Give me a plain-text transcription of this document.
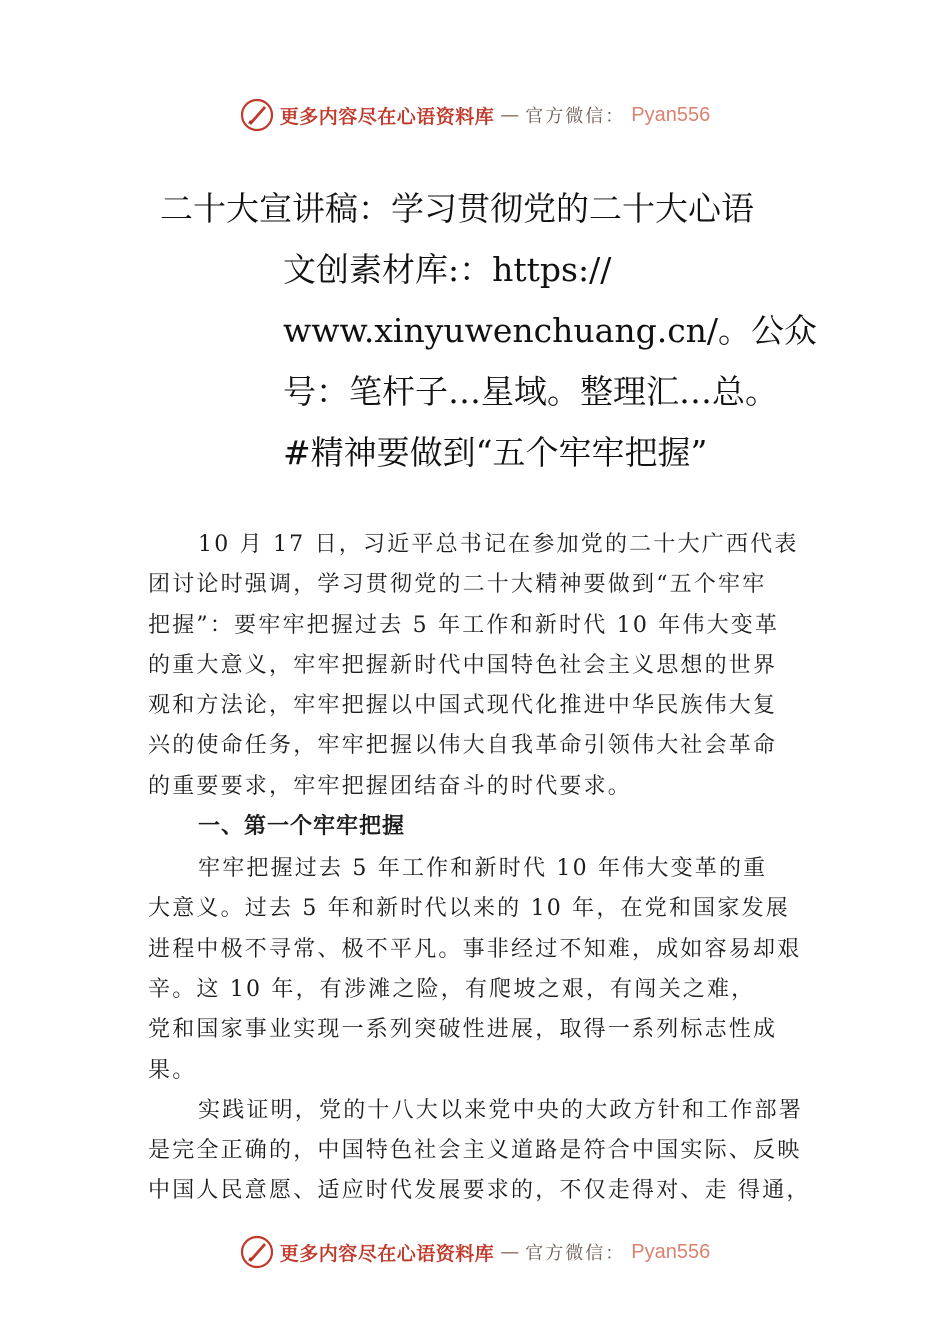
更多内容尽在心语资料库 — 官方微信： Pyan556
二十大宣讲稿：学习贯彻党的二十大心语
文创素材库:：https://
www.xinyuwenchuang.cn/。公众
号：笔杆子…星域。整理汇…总。
#精神要做到“五个牢牢把握”
10 月 17 日，习近平总书记在参加党的二十大广西代表
团讨论时强调，学习贯彻党的二十大精神要做到“五个牢牢
把握”：要牢牢把握过去 5 年工作和新时代 10 年伟大变革
的重大意义，牢牢把握新时代中国特色社会主义思想的世界
观和方法论，牢牢把握以中国式现代化推进中华民族伟大复
兴的使命任务，牢牢把握以伟大自我革命引领伟大社会革命
的重要要求，牢牢把握团结奋斗的时代要求。
一、第一个牢牢把握
牢牢把握过去 5 年工作和新时代 10 年伟大变革的重
大意义。过去 5 年和新时代以来的 10 年，在党和国家发展
进程中极不寻常、极不平凡。事非经过不知难，成如容易却艰
辛。这 10 年，有涉滩之险，有爬坡之艰，有闯关之难，
党和国家事业实现一系列突破性进展，取得一系列标志性成
果。
实践证明，党的十八大以来党中央的大政方针和工作部署
是完全正确的，中国特色社会主义道路是符合中国实际、反映
中国人民意愿、适应时代发展要求的，不仅走得对、走 得通，
更多内容尽在心语资料库 — 官方微信： Pyan556
